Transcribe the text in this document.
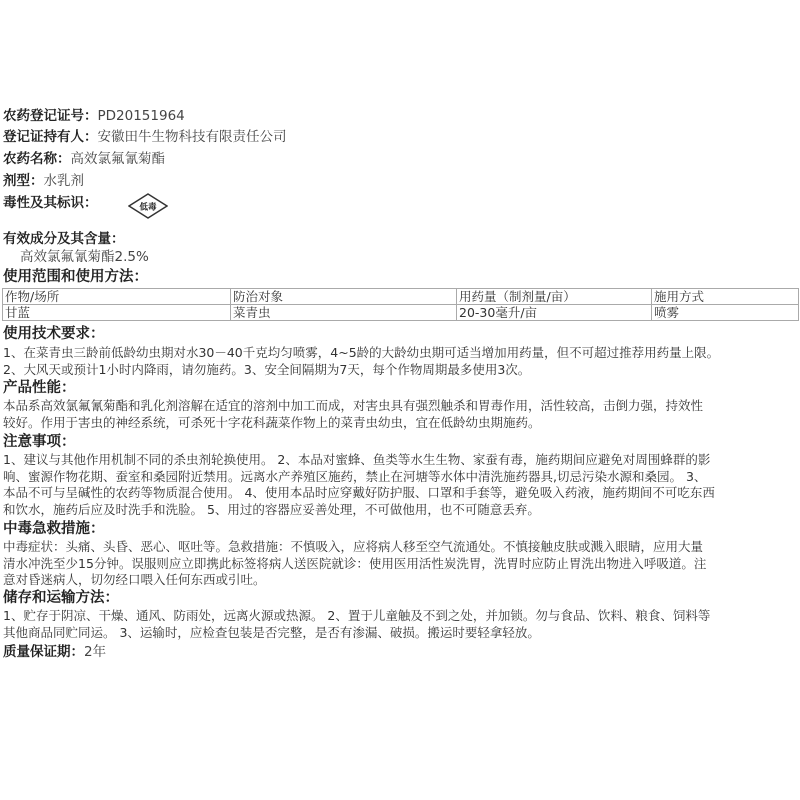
农药登记证号：PD20151964
登记证持有人：安徽田牛生物科技有限责任公司
农药名称：高效氯氟氰菊酯
剂型：水乳剂
毒性及其标识：	低毒
有效成分及其含量：
高效氯氟氰菊酯2.5%
使用范围和使用方法：
作物/场所	防治对象	用药量（制剂量/亩）	施用方式
甘蓝	菜青虫	20-30毫升/亩	喷雾
使用技术要求：

1、在菜青虫三龄前低龄幼虫期对水30－40千克均匀喷雾，4~5龄的大龄幼虫期可适当增加用药量，但不可超过推荐用药量上限。

2、大风天或预计1小时内降雨，请勿施药。3、安全间隔期为7天，每个作物周期最多使用3次。

产品性能：

本品系高效氯氟氰菊酯和乳化剂溶解在适宜的溶剂中加工而成，对害虫具有强烈触杀和胃毒作用，活性较高，击倒力强，持效性

较好。作用于害虫的神经系统，可杀死十字花科蔬菜作物上的菜青虫幼虫，宜在低龄幼虫期施药。

注意事项：

1、建议与其他作用机制不同的杀虫剂轮换使用。 2、本品对蜜蜂、鱼类等水生生物、家蚕有毒，施药期间应避免对周围蜂群的影

响、蜜源作物花期、蚕室和桑园附近禁用。远离水产养殖区施药，禁止在河塘等水体中清洗施药器具,切忌污染水源和桑园。 3、

本品不可与呈碱性的农药等物质混合使用。 4、使用本品时应穿戴好防护服、口罩和手套等，避免吸入药液，施药期间不可吃东西

和饮水，施药后应及时洗手和洗脸。 5、用过的容器应妥善处理，不可做他用，也不可随意丢弃。

中毒急救措施：

中毒症状：头痛、头昏、恶心、呕吐等。急救措施：不慎吸入，应将病人移至空气流通处。不慎接触皮肤或溅入眼睛，应用大量

清水冲洗至少15分钟。误服则应立即携此标签将病人送医院就诊：使用医用活性炭洗胃，洗胃时应防止胃洗出物进入呼吸道。注

意对昏迷病人，切勿经口喂入任何东西或引吐。

储存和运输方法：

1、贮存于阴凉、干燥、通风、防雨处，远离火源或热源。 2、置于儿童触及不到之处，并加锁。勿与食品、饮料、粮食、饲料等

其他商品同贮同运。 3、运输时，应检查包装是否完整，是否有渗漏、破损。搬运时要轻拿轻放。

质量保证期：2年
